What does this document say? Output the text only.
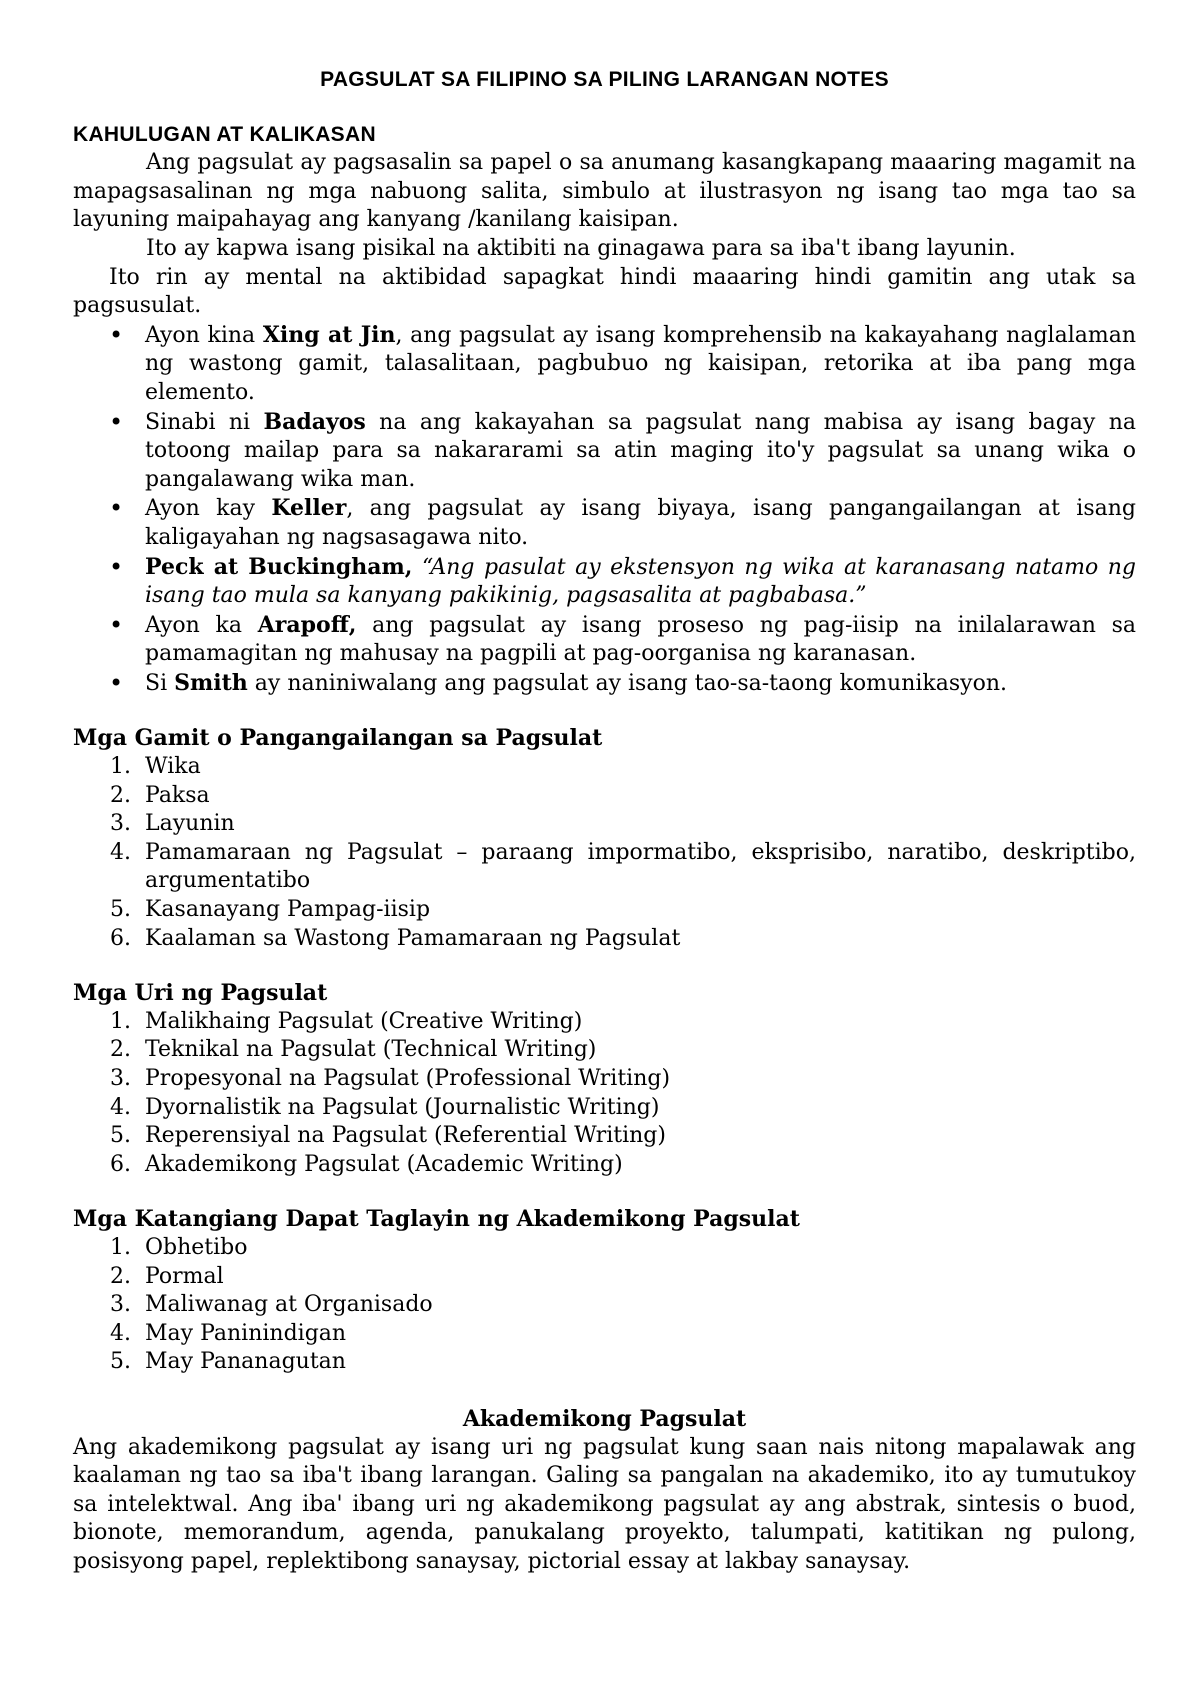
PAGSULAT SA FILIPINO SA PILING LARANGAN NOTES
KAHULUGAN AT KALIKASAN

Ang pagsulat ay pagsasalin sa papel o sa anumang kasangkapang maaaring magamit na mapagsasalinan ng mga nabuong salita, simbulo at ilustrasyon ng isang tao mga tao sa layuning maipahayag ang kanyang /kanilang kaisipan.

Ito ay kapwa isang pisikal na aktibiti na ginagawa para sa iba't ibang layunin.

Ito rin ay mental na aktibidad sapagkat hindi maaaring hindi gamitin ang utak sa pagsusulat.

• Ayon kina Xing at Jin, ang pagsulat ay isang komprehensib na kakayahang naglalaman ng wastong gamit, talasalitaan, pagbubuo ng kaisipan, retorika at iba pang mga elemento.
• Sinabi ni Badayos na ang kakayahan sa pagsulat nang mabisa ay isang bagay na totoong mailap para sa nakararami sa atin maging ito'y pagsulat sa unang wika o pangalawang wika man.
• Ayon kay Keller, ang pagsulat ay isang biyaya, isang pangangailangan at isang kaligayahan ng nagsasagawa nito.
• Peck at Buckingham, “Ang pasulat ay ekstensyon ng wika at karanasang natamo ng isang tao mula sa kanyang pakikinig, pagsasalita at pagbabasa.”
• Ayon ka Arapoff, ang pagsulat ay isang proseso ng pag-iisip na inilalarawan sa pamamagitan ng mahusay na pagpili at pag-oorganisa ng karanasan.
• Si Smith ay naniniwalang ang pagsulat ay isang tao-sa-taong komunikasyon.
Mga Gamit o Pangangailangan sa Pagsulat
1. Wika
2. Paksa
3. Layunin
4. Pamamaraan ng Pagsulat – paraang impormatibo, eksprisibo, naratibo, deskriptibo, argumentatibo
5. Kasanayang Pampag-iisip
6. Kaalaman sa Wastong Pamamaraan ng Pagsulat
Mga Uri ng Pagsulat
1. Malikhaing Pagsulat (Creative Writing)
2. Teknikal na Pagsulat (Technical Writing)
3. Propesyonal na Pagsulat (Professional Writing)
4. Dyornalistik na Pagsulat (Journalistic Writing)
5. Reperensiyal na Pagsulat (Referential Writing)
6. Akademikong Pagsulat (Academic Writing)
Mga Katangiang Dapat Taglayin ng Akademikong Pagsulat
1. Obhetibo
2. Pormal
3. Maliwanag at Organisado
4. May Paninindigan
5. May Pananagutan
Akademikong Pagsulat

Ang akademikong pagsulat ay isang uri ng pagsulat kung saan nais nitong mapalawak ang kaalaman ng tao sa iba't ibang larangan. Galing sa pangalan na akademiko, ito ay tumutukoy sa intelektwal. Ang iba' ibang uri ng akademikong pagsulat ay ang abstrak, sintesis o buod, bionote, memorandum, agenda, panukalang proyekto, talumpati, katitikan ng pulong, posisyong papel, replektibong sanaysay, pictorial essay at lakbay sanaysay.
